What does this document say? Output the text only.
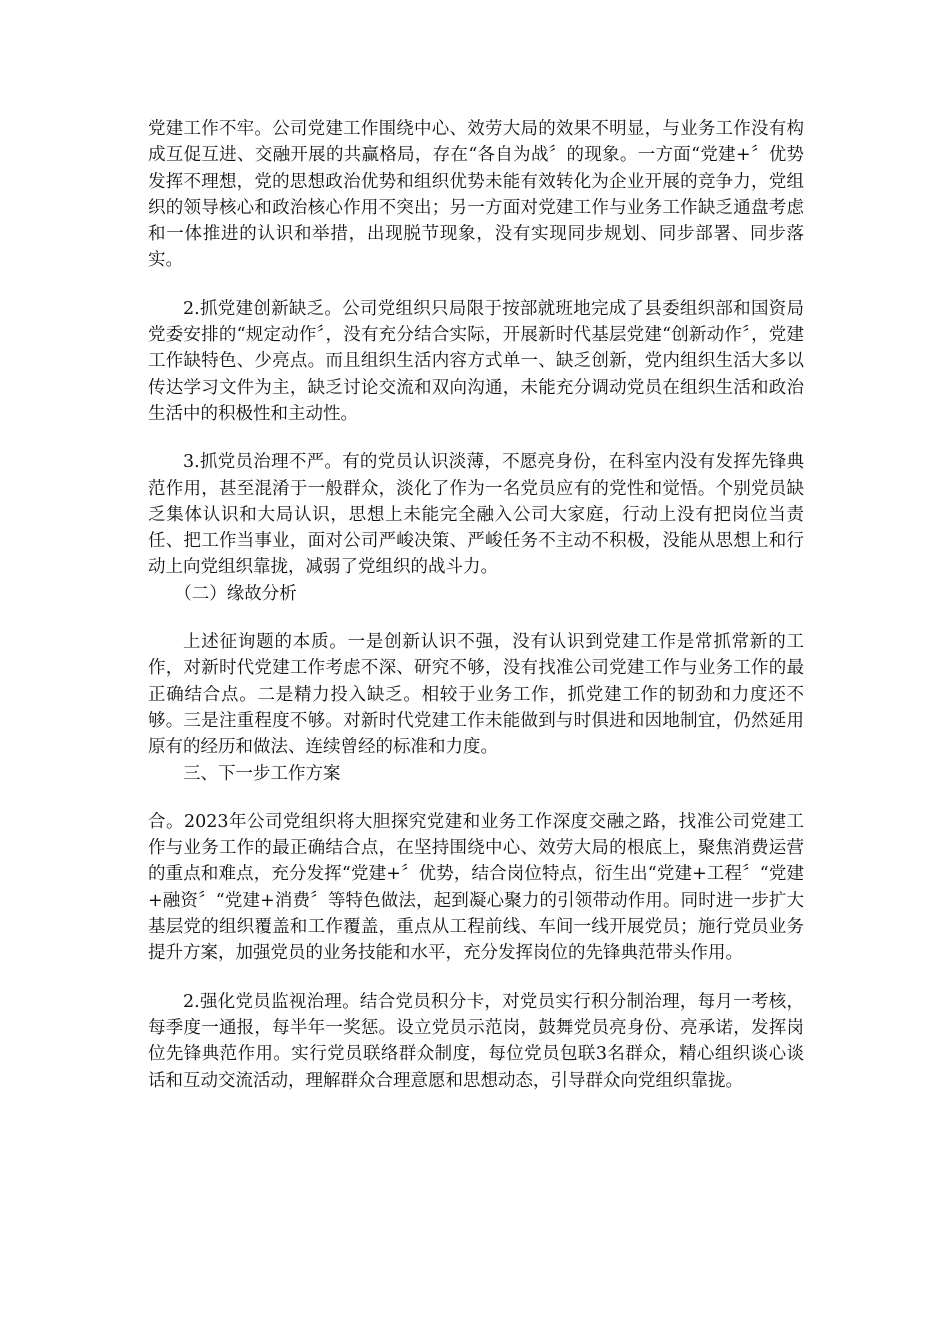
党建工作不牢。公司党建工作围绕中心、效劳大局的效果不明显，与业务工作没有构成互促互进、交融开展的共赢格局，存在“各自为战〞的现象。一方面“党建+〞优势发挥不理想，党的思想政治优势和组织优势未能有效转化为企业开展的竞争力，党组织的领导核心和政治核心作用不突出；另一方面对党建工作与业务工作缺乏通盘考虑和一体推进的认识和举措，出现脱节现象，没有实现同步规划、同步部署、同步落实。

2.抓党建创新缺乏。公司党组织只局限于按部就班地完成了县委组织部和国资局党委安排的“规定动作〞，没有充分结合实际，开展新时代基层党建“创新动作〞，党建工作缺特色、少亮点。而且组织生活内容方式单一、缺乏创新，党内组织生活大多以传达学习文件为主，缺乏讨论交流和双向沟通，未能充分调动党员在组织生活和政治生活中的积极性和主动性。

3.抓党员治理不严。有的党员认识淡薄，不愿亮身份，在科室内没有发挥先锋典范作用，甚至混淆于一般群众，淡化了作为一名党员应有的党性和觉悟。个别党员缺乏集体认识和大局认识，思想上未能完全融入公司大家庭，行动上没有把岗位当责任、把工作当事业，面对公司严峻决策、严峻任务不主动不积极，没能从思想上和行动上向党组织靠拢，减弱了党组织的战斗力。

（二）缘故分析

上述征询题的本质。一是创新认识不强，没有认识到党建工作是常抓常新的工作，对新时代党建工作考虑不深、研究不够，没有找准公司党建工作与业务工作的最正确结合点。二是精力投入缺乏。相较于业务工作，抓党建工作的韧劲和力度还不够。三是注重程度不够。对新时代党建工作未能做到与时俱进和因地制宜，仍然延用原有的经历和做法、连续曾经的标准和力度。

三、下一步工作方案

合。2023年公司党组织将大胆探究党建和业务工作深度交融之路，找准公司党建工作与业务工作的最正确结合点，在坚持围绕中心、效劳大局的根底上，聚焦消费运营的重点和难点，充分发挥“党建+〞优势，结合岗位特点，衍生出“党建+工程〞“党建+融资〞“党建+消费〞等特色做法，起到凝心聚力的引领带动作用。同时进一步扩大基层党的组织覆盖和工作覆盖，重点从工程前线、车间一线开展党员；施行党员业务提升方案，加强党员的业务技能和水平，充分发挥岗位的先锋典范带头作用。

2.强化党员监视治理。结合党员积分卡，对党员实行积分制治理，每月一考核，每季度一通报，每半年一奖惩。设立党员示范岗，鼓舞党员亮身份、亮承诺，发挥岗位先锋典范作用。实行党员联络群众制度，每位党员包联3名群众，精心组织谈心谈话和互动交流活动，理解群众合理意愿和思想动态，引导群众向党组织靠拢。
